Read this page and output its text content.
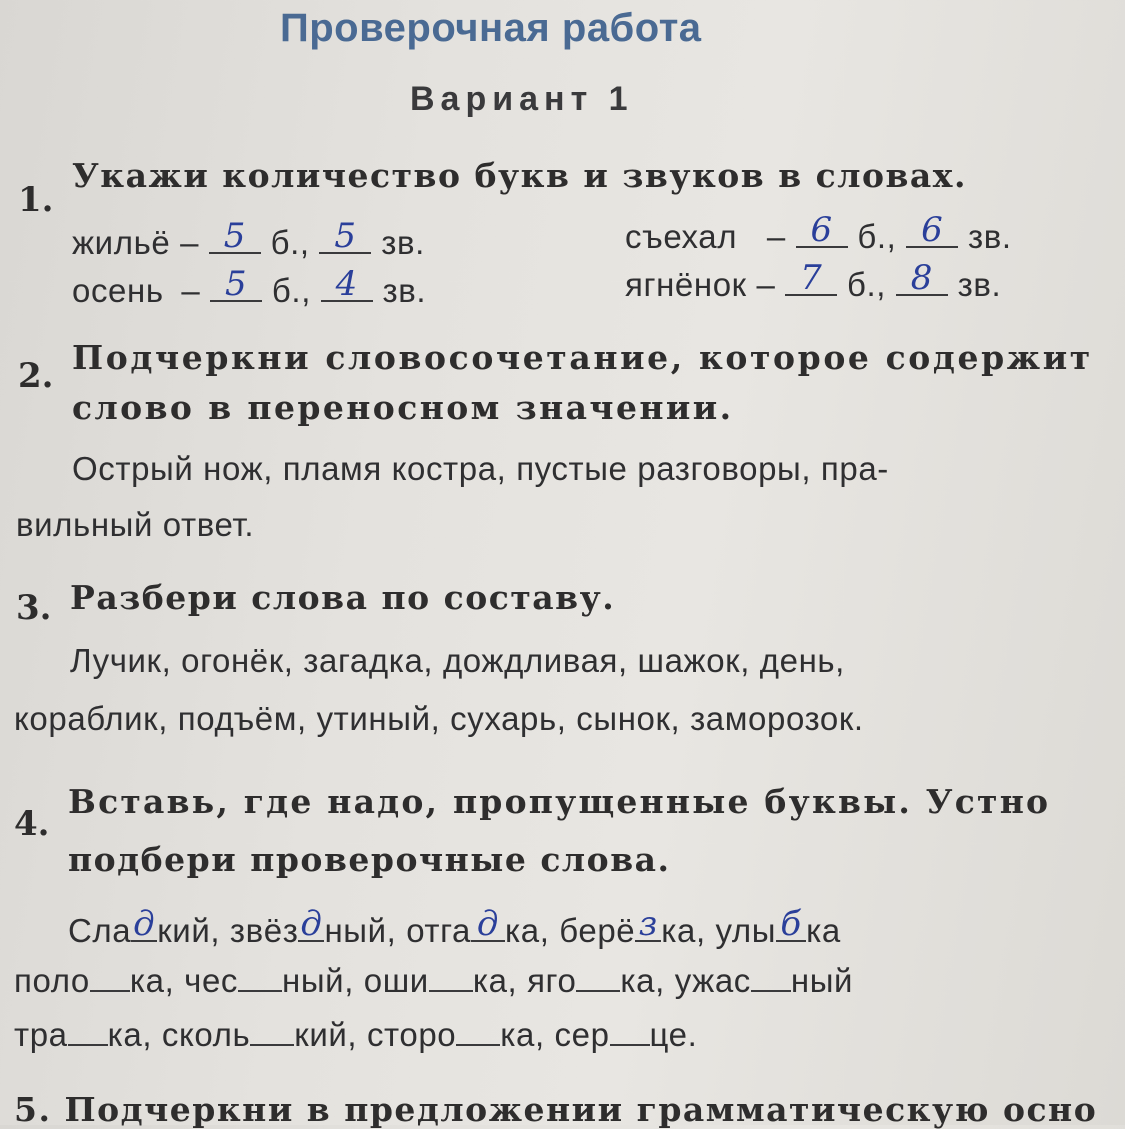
Проверочная работа
Вариант 1
1.
Укажи количество букв и звуков в словах.
жильё – 5 б., 5 зв.	съехал – 6 б., 6 зв.
осень – 5 б., 4 зв.	ягнёнок – 7 б., 8 зв.
2. Подчеркни словосочетание, которое содержит
слово в переносном значении.
Острый нож, пламя костра, пустые разговоры, пра-
вильный ответ.
3. Разбери слова по составу.
Лучик, огонёк, загадка, дождливая, шажок, день,
кораблик, подъём, утиный, сухарь, сынок, заморозок.
4.
Вставь, где надо, пропущенные буквы. Устно
подбери проверочные слова.
Сла д кий, звёз д ный, отга д ка, берё з ка, улы б ка
поло ка, чес ный, оши ка, яго ка, ужас ный
тра ка, сколь кий, сторо ка, сер це.
5. Подчеркни в предложении грамматическую осно
